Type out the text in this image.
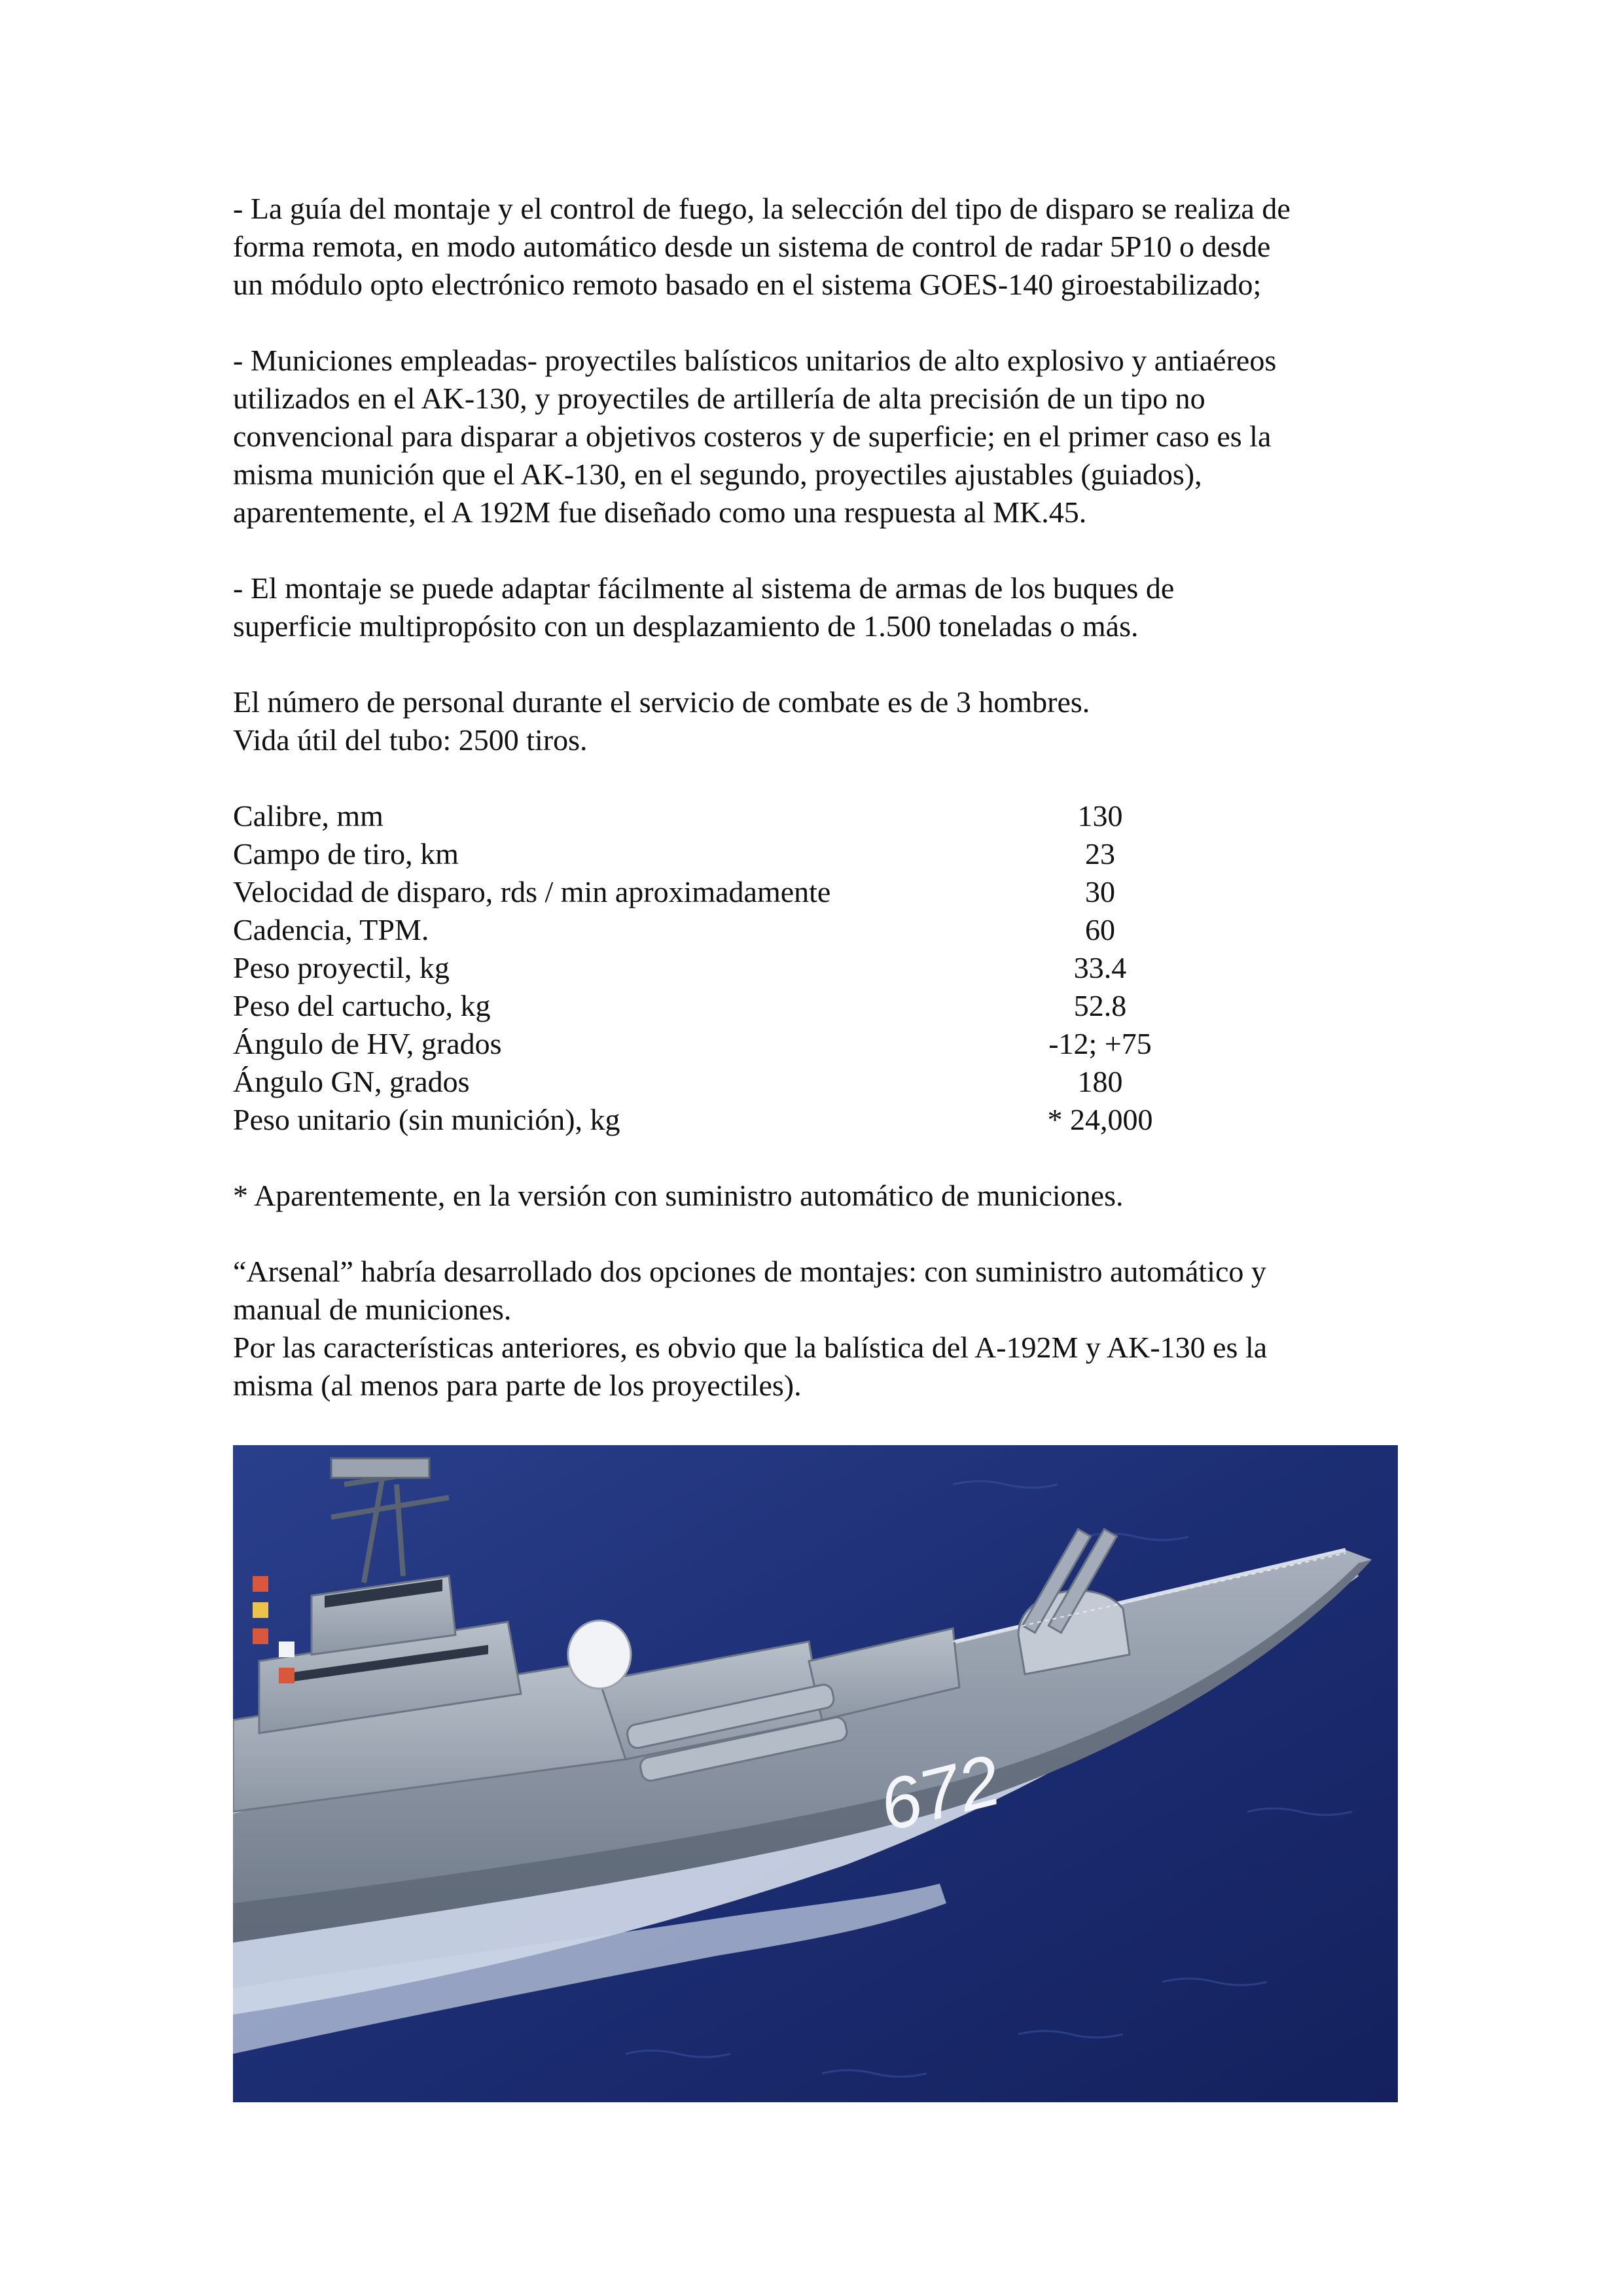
- La guía del montaje y el control de fuego, la selección del tipo de disparo se realiza de
forma remota, en modo automático desde un sistema de control de radar 5P10 o desde
un módulo opto electrónico remoto basado en el sistema GOES-140 giroestabilizado;

- Municiones empleadas- proyectiles balísticos unitarios de alto explosivo y antiaéreos
utilizados en el AK-130, y proyectiles de artillería de alta precisión de un tipo no
convencional para disparar a objetivos costeros y de superficie; en el primer caso es la
misma munición que el AK-130, en el segundo, proyectiles ajustables (guiados),
aparentemente, el A 192M fue diseñado como una respuesta al MK.45.

- El montaje se puede adaptar fácilmente al sistema de armas de los buques de
superficie multipropósito con un desplazamiento de 1.500 toneladas o más.

El número de personal durante el servicio de combate es de 3 hombres.
Vida útil del tubo: 2500 tiros.

Calibre, mm	130
Campo de tiro, km	23
Velocidad de disparo, rds / min aproximadamente	30
Cadencia, TPM.	60
Peso proyectil, kg	33.4
Peso del cartucho, kg	52.8
Ángulo de HV, grados	-12; +75
Ángulo GN, grados	180
Peso unitario (sin munición), kg	* 24,000

* Aparentemente, en la versión con suministro automático de municiones.

“Arsenal” habría desarrollado dos opciones de montajes: con suministro automático y
manual de municiones.
Por las características anteriores, es obvio que la balística del A-192M y AK-130 es la
misma (al menos para parte de los proyectiles).

672
